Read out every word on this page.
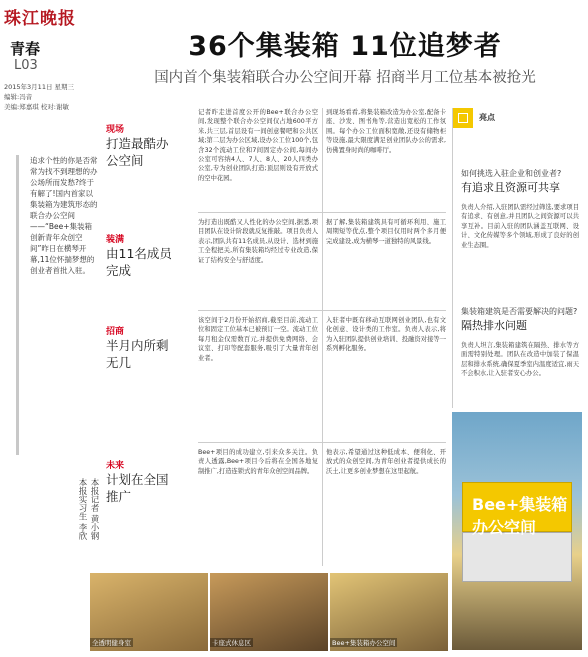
珠江晚报
青春
L03
2015年3月11日 星期三
编辑:冯音
美编:郑嘉琪 校对:谢敏
36个集装箱 11位追梦者
国内首个集装箱联合办公空间开幕 招商半月工位基本被抢光
追求个性的你是否常常为找不到理想的办公场所而发愁?终于有解了!国内首家以集装箱为建筑形态的联合办公空间——“Bee+集装箱创新青年众创空间”昨日在横琴开幕,11位怀揣梦想的创业者首批入驻。
本报记者 黄小钢 本报实习生 李欣
现场
打造最酷办公空间
装满
由11名成员完成
招商
半月内所剩无几
未来
计划在全国推广
记者昨走进首度公开的Bee+联合办公空间,发现整个联合办公空间仅占地600平方米,共三层,首层设有一间创意餐吧和公共区域;第二层为办公区域,设办公工位100个,包含32个流动工位和7间固定办公间,每间办公室可容纳4人、7人、8人、20人四类办公室,专为创业团队打造;顶层则设有开放式的空中花园。
到现场看看,将集装箱改造为办公室,配备卡座、沙发、图书角等,营造出宽松的工作氛围。每个办公工位面积宽敞,还设有储物柜等设施,最大限度满足创业团队办公的需求,仿佛置身时尚的咖啡厅。
为打造出既酷又人性化的办公空间,据悉,项目团队在设计阶段就反复推敲。项目负责人表示,团队共有11名成员,从设计、选材到施工全程把关,所有集装箱均经过专业改造,保证了结构安全与舒适度。
据了解,集装箱建筑具有可循环利用、施工周期短等优点,整个项目仅用时两个多月便完成建设,成为横琴一道独特的风景线。
该空间于2月份开始招商,截至目前,流动工位和固定工位基本已被预订一空。流动工位每月租金仅需数百元,并提供免费网络、会议室、打印等配套服务,吸引了大量青年创业者。
入驻者中既有移动互联网创业团队,也有文化创意、设计类的工作室。负责人表示,将为入驻团队提供创业培训、投融资对接等一系列孵化服务。
Bee+项目的成功建立,引来众多关注。负责人透露,Bee+项目今后将在全国各地复制推广,打造连锁式的青年众创空间品牌。
他表示,希望通过这种低成本、便利化、开放式的众创空间,为青年创业者提供成长的沃土,让更多创业梦想在这里起航。
亮点
如何挑选入驻企业和创业者?
有追求且资源可共享
负责人介绍,入驻团队需经过筛选,要求项目有追求、有创意,并且团队之间资源可以共享互补。目前入驻的团队涵盖互联网、设计、文化传媒等多个领域,形成了良好的创业生态圈。
集装箱建筑是否需要解决的问题?
隔热排水问题
负责人坦言,集装箱建筑在隔热、排水等方面需特别处理。团队在改造中加装了保温层和排水系统,确保夏季室内温度适宜,雨天不会积水,让入驻者安心办公。
Bee+集装箱办公空间
全透明健身室	卡座式休息区	Bee+集装箱办公空间
